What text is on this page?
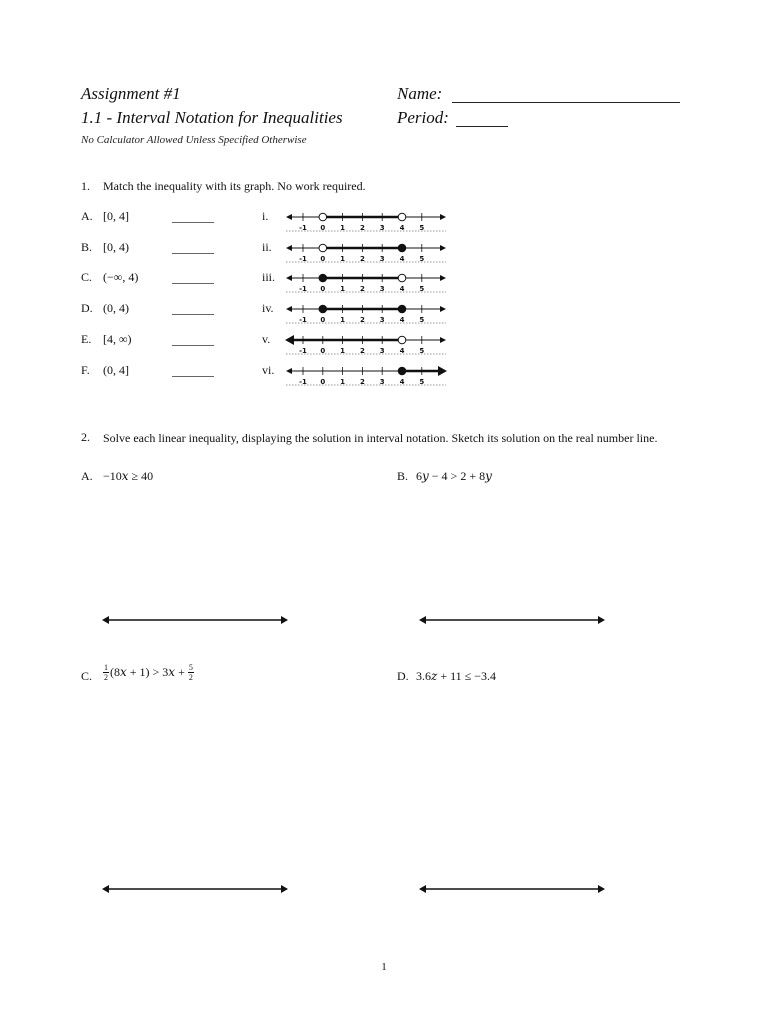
Assignment #1
1.1 - Interval Notation for Inequalities
No Calculator Allowed Unless Specified Otherwise
Name:
Period:
1. Match the inequality with its graph. No work required.
A. [0, 4]	i.
-1 0 1 2 3 4 5
B. [0, 4)	ii.
-1 0 1 2 3 4 5
C. (−∞, 4)	iii.
-1 0 1 2 3 4 5
D. (0, 4)	iv.
-1 0 1 2 3 4 5
E. [4, ∞)	v.
-1 0 1 2 3 4 5
F. (0, 4]	vi.
-1 0 1 2 3 4 5
2. Solve each linear inequality, displaying the solution in interval notation. Sketch its solution on the real number line.
A. −10𝑥 ≥ 40	B. 6𝑦 − 4 > 2 + 8𝑦
C. $\frac{1}{2}$ (8𝑥 + 1) > 3𝑥 + $\frac{5}{2}$	D. 3.6𝑧 + 11 ≤ −3.4
1
